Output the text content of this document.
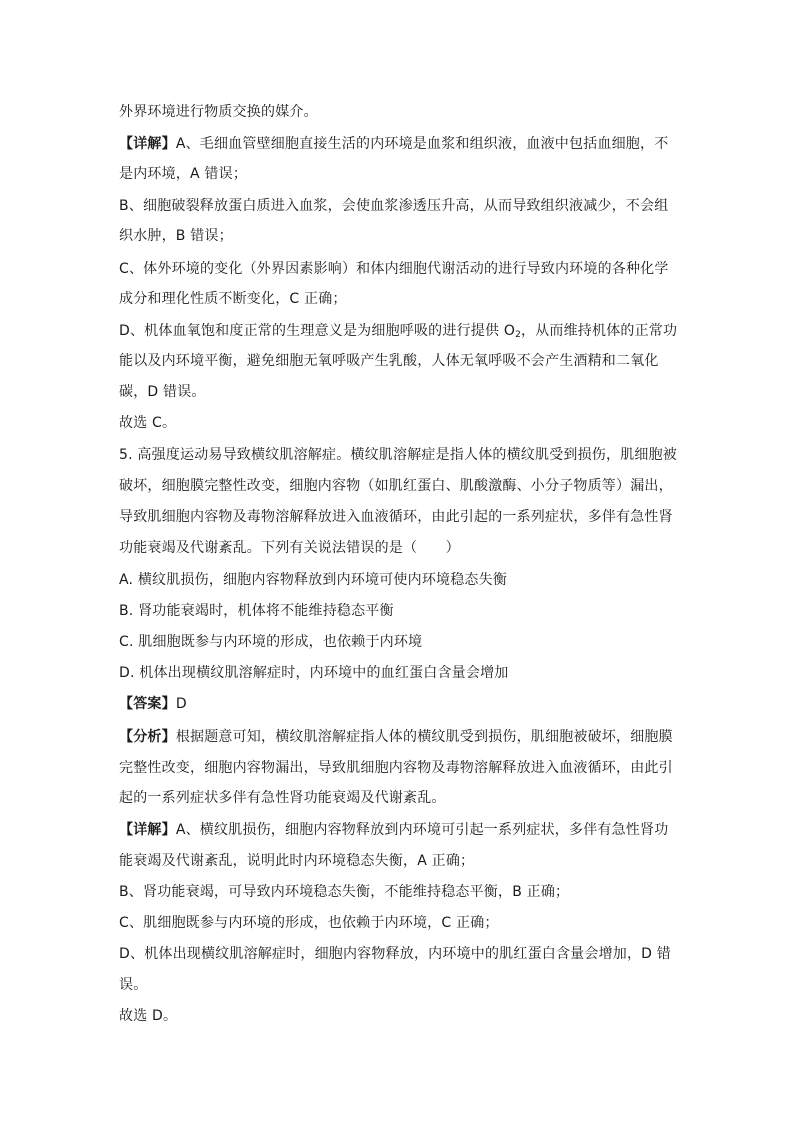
外界环境进行物质交换的媒介。
【详解】A、毛细血管壁细胞直接生活的内环境是血浆和组织液，血液中包括血细胞，不
是内环境，A 错误；
B、细胞破裂释放蛋白质进入血浆，会使血浆渗透压升高，从而导致组织液减少，不会组
织水肿，B 错误；
C、体外环境的变化（外界因素影响）和体内细胞代谢活动的进行导致内环境的各种化学
成分和理化性质不断变化，C 正确；
D、机体血氧饱和度正常的生理意义是为细胞呼吸的进行提供 $O_2$，从而维持机体的正常功
能以及内环境平衡，避免细胞无氧呼吸产生乳酸，人体无氧呼吸不会产生酒精和二氧化
碳，D 错误。
故选 C。
5. 高强度运动易导致横纹肌溶解症。横纹肌溶解症是指人体的横纹肌受到损伤，肌细胞被
破坏，细胞膜完整性改变，细胞内容物（如肌红蛋白、肌酸激酶、小分子物质等）漏出，
导致肌细胞内容物及毒物溶解释放进入血液循环，由此引起的一系列症状，多伴有急性肾
功能衰竭及代谢紊乱。下列有关说法错误的是（　　）
A. 横纹肌损伤，细胞内容物释放到内环境可使内环境稳态失衡
B. 肾功能衰竭时，机体将不能维持稳态平衡
C. 肌细胞既参与内环境的形成，也依赖于内环境
D. 机体出现横纹肌溶解症时，内环境中的血红蛋白含量会增加
【答案】D
【分析】根据题意可知，横纹肌溶解症指人体的横纹肌受到损伤，肌细胞被破坏，细胞膜
完整性改变，细胞内容物漏出，导致肌细胞内容物及毒物溶解释放进入血液循环，由此引
起的一系列症状多伴有急性肾功能衰竭及代谢紊乱。
【详解】A、横纹肌损伤，细胞内容物释放到内环境可引起一系列症状，多伴有急性肾功
能衰竭及代谢紊乱，说明此时内环境稳态失衡，A 正确；
B、肾功能衰竭，可导致内环境稳态失衡，不能维持稳态平衡，B 正确；
C、肌细胞既参与内环境的形成，也依赖于内环境，C 正确；
D、机体出现横纹肌溶解症时，细胞内容物释放，内环境中的肌红蛋白含量会增加，D 错
误。
故选 D。
